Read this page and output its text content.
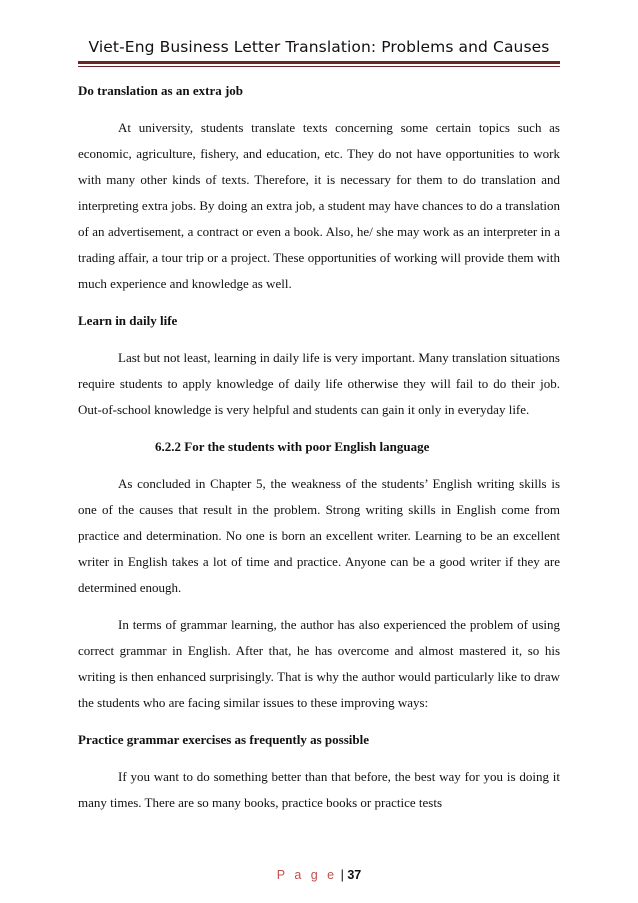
Viet-Eng Business Letter Translation: Problems and Causes

Do translation as an extra job

At university, students translate texts concerning some certain topics such as economic, agriculture, fishery, and education, etc. They do not have opportunities to work with many other kinds of texts. Therefore, it is necessary for them to do translation and interpreting extra jobs. By doing an extra job, a student may have chances to do a translation of an advertisement, a contract or even a book. Also, he/ she may work as an interpreter in a trading affair, a tour trip or a project. These opportunities of working will provide them with much experience and knowledge as well.

Learn in daily life

Last but not least, learning in daily life is very important. Many translation situations require students to apply knowledge of daily life otherwise they will fail to do their job. Out-of-school knowledge is very helpful and students can gain it only in everyday life.

6.2.2 For the students with poor English language

As concluded in Chapter 5, the weakness of the students’ English writing skills is one of the causes that result in the problem. Strong writing skills in English come from practice and determination. No one is born an excellent writer. Learning to be an excellent writer in English takes a lot of time and practice. Anyone can be a good writer if they are determined enough.

In terms of grammar learning, the author has also experienced the problem of using correct grammar in English. After that, he has overcome and almost mastered it, so his writing is then enhanced surprisingly. That is why the author would particularly like to draw the students who are facing similar issues to these improving ways:

Practice grammar exercises as frequently as possible

If you want to do something better than that before, the best way for you is doing it many times. There are so many books, practice books or practice tests

P a g e | 37
